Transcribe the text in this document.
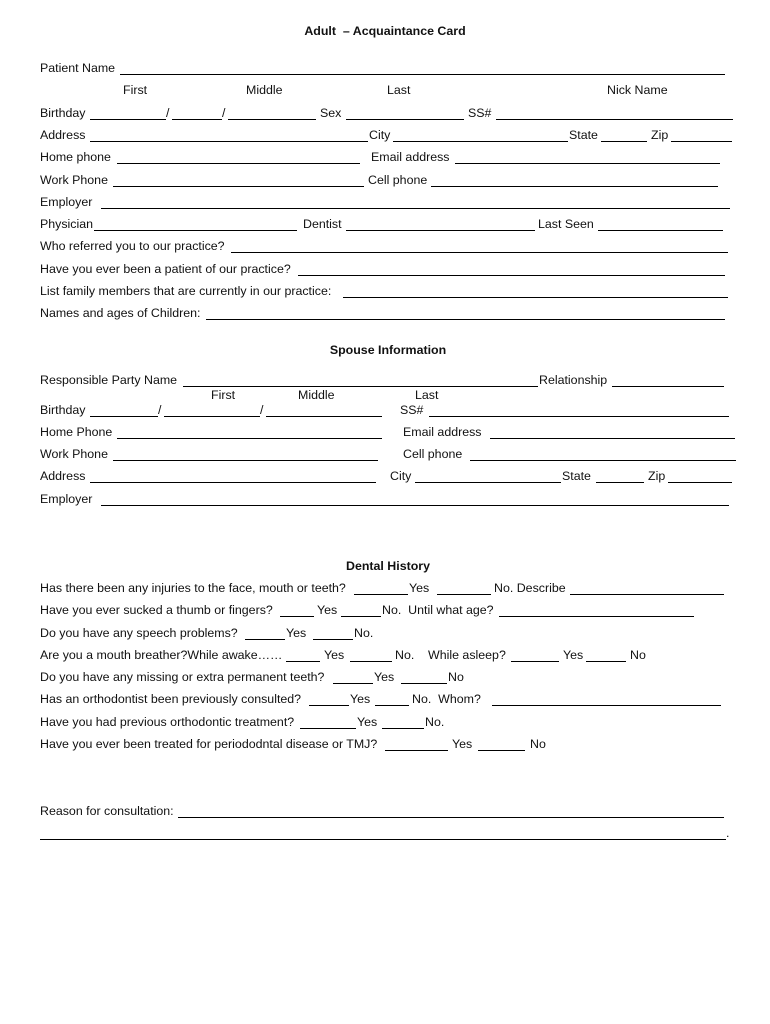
Adult  – Acquaintance Card
Patient Name
First	Middle	Last	Nick Name
Birthday	/	/	Sex	SS#
Address	City	State	Zip
Home phone	Email address
Work Phone	Cell phone
Employer
Physician	Dentist	Last Seen
Who referred you to our practice?
Have you ever been a patient of our practice?
List family members that are currently in our practice:
Names and ages of Children:
Spouse Information
Responsible Party Name	Relationship
First	Middle	Last
Birthday	/	/	SS#
Home Phone	Email address
Work Phone	Cell phone
Address	City	State	Zip
Employer
Dental History
Has there been any injuries to the face, mouth or teeth?	Yes	No. Describe
Have you ever sucked a thumb or fingers?	Yes	No.  Until what age?
Do you have any speech problems?	Yes	No.
Are you a mouth breather?While awake……	Yes	No. While asleep?	Yes	No
Do you have any missing or extra permanent teeth?	Yes	No
Has an orthodontist been previously consulted?	Yes	No.  Whom?
Have you had previous orthodontic treatment?	Yes	No.
Have you ever been treated for periododntal disease or TMJ?	Yes	No
Reason for consultation:
.
